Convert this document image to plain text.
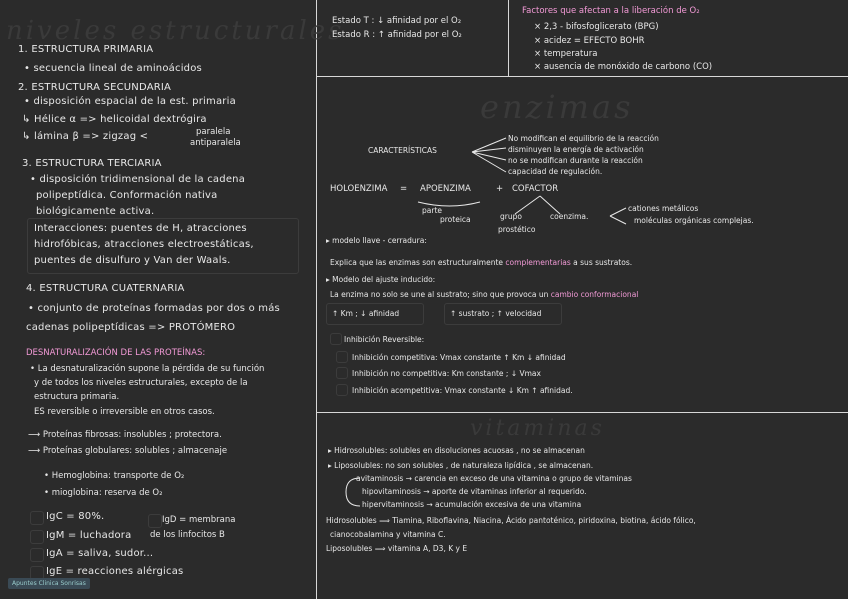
niveles estructurales
1. ESTRUCTURA PRIMARIA
• secuencia lineal de aminoácidos
2. ESTRUCTURA SECUNDARIA
• disposición espacial de la est. primaria
↳ Hélice α => helicoidal dextrógira
↳ lámina β => zigzag <	paralela
antiparalela
3. ESTRUCTURA TERCIARIA
• disposición tridimensional de la cadena
polipeptídica. Conformación nativa
biológicamente activa.
Interacciones: puentes de H, atracciones
hidrofóbicas, atracciones electroestáticas,
puentes de disulfuro y Van der Waals.
4. ESTRUCTURA CUATERNARIA
• conjunto de proteínas formadas por dos o más
cadenas polipeptídicas => PROTÓMERO
DESNATURALIZACIÓN DE LAS PROTEÍNAS:
• La desnaturalización supone la pérdida de su función
y de todos los niveles estructurales, excepto de la
estructura primaria.
ES reversible o irreversible en otros casos.
⟶ Proteínas fibrosas: insolubles ; protectora.
⟶ Proteínas globulares: solubles ; almacenaje
• Hemoglobina: transporte de O₂
• mioglobina: reserva de O₂
IgC = 80%.	IgD = membrana
de los linfocitos B
IgM = luchadora
IgA = saliva, sudor...
IgE = reacciones alérgicas
Apuntes Clinica Sonrisas
Estado T : ↓ afinidad por el O₂
Estado R : ↑ afinidad por el O₂
Factores que afectan a la liberación de O₂
× 2,3 - bifosfoglicerato (BPG)
× acidez = EFECTO BOHR
× temperatura
× ausencia de monóxido de carbono (CO)
enzimas
CARACTERÍSTICAS
No modifican el equilibrio de la reacción
disminuyen la energía de activación
no se modifican durante la reacción
capacidad de regulación.
HOLOENZIMA = APOENZIMA	+ COFACTOR
parte
proteica	grupo
prostético
coenzima.
cationes metálicos
moléculas orgánicas complejas.
▸ modelo llave - cerradura:
Explica que las enzimas son estructuralmente complementarias a sus sustratos.
▸ Modelo del ajuste inducido:
La enzima no solo se une al sustrato; sino que provoca un cambio conformacional
↑ Km ; ↓ afinidad	↑ sustrato ; ↑ velocidad
Inhibición Reversible:
Inhibición competitiva: Vmax constante ↑ Km ↓ afinidad
Inhibición no competitiva: Km constante ; ↓ Vmax
Inhibición acompetitiva: Vmax constante ↓ Km ↑ afinidad.
vitaminas
▸ Hidrosolubles: solubles en disoluciones acuosas , no se almacenan
▸ Liposolubles: no son solubles , de naturaleza lipídica , se almacenan.
avitaminosis → carencia en exceso de una vitamina o grupo de vitaminas
hipovitaminosis → aporte de vitaminas inferior al requerido.
hipervitaminosis → acumulación excesiva de una vitamina
Hidrosolubles ⟹ Tiamina, Riboflavina, Niacina, Ácido pantoténico, piridoxina, biotina, ácido fólico,
cianocobalamina y vitamina C.
Liposolubles ⟹ vitamina A, D3, K y E
